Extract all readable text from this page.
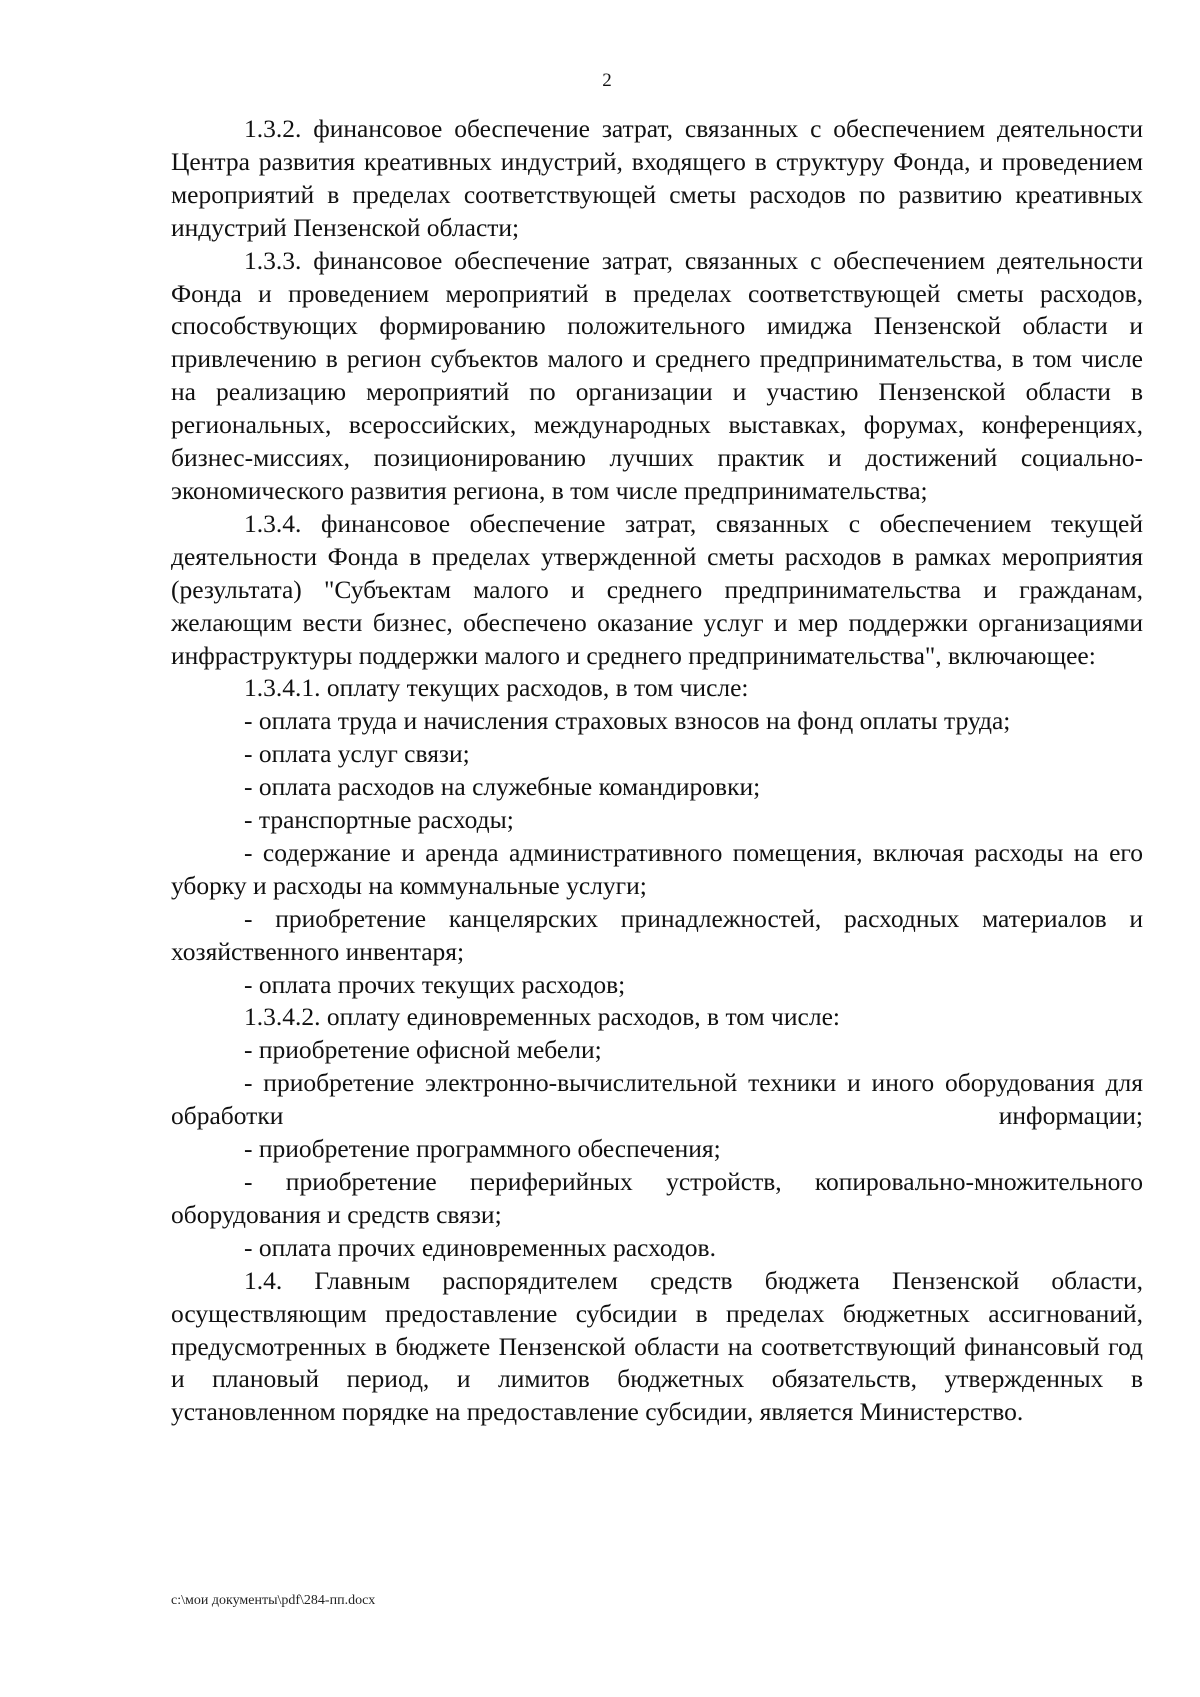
2

1.3.2. финансовое обеспечение затрат, связанных с обеспечением деятельности Центра развития креативных индустрий, входящего в структуру Фонда, и проведением мероприятий в пределах соответствующей сметы расходов по развитию креативных индустрий Пензенской области;

1.3.3. финансовое обеспечение затрат, связанных с обеспечением деятельности Фонда и проведением мероприятий в пределах соответствующей сметы расходов, способствующих формированию положительного имиджа Пензенской области и привлечению в регион субъектов малого и среднего предпринимательства, в том числе на реализацию мероприятий по организации и участию Пензенской области в региональных, всероссийских, международных выставках, форумах, конференциях, бизнес-миссиях, позиционированию лучших практик и достижений социально-экономического развития региона, в том числе предпринимательства;

1.3.4. финансовое обеспечение затрат, связанных с обеспечением текущей деятельности Фонда в пределах утвержденной сметы расходов в рамках мероприятия (результата) "Субъектам малого и среднего предпринимательства и гражданам, желающим вести бизнес, обеспечено оказание услуг и мер поддержки организациями инфраструктуры поддержки малого и среднего предпринимательства", включающее:

1.3.4.1. оплату текущих расходов, в том числе:

- оплата труда и начисления страховых взносов на фонд оплаты труда;

- оплата услуг связи;

- оплата расходов на служебные командировки;

- транспортные расходы;

- содержание и аренда административного помещения, включая расходы на его уборку и расходы на коммунальные услуги;

- приобретение канцелярских принадлежностей, расходных материалов и хозяйственного инвентаря;

- оплата прочих текущих расходов;

1.3.4.2. оплату единовременных расходов, в том числе:

- приобретение офисной мебели;

- приобретение электронно-вычислительной техники и иного оборудования для обработки информации;

- приобретение программного обеспечения;

- приобретение периферийных устройств, копировально-множительного оборудования и средств связи;

- оплата прочих единовременных расходов.

1.4. Главным распорядителем средств бюджета Пензенской области, осуществляющим предоставление субсидии в пределах бюджетных ассигнований, предусмотренных в бюджете Пензенской области на соответствующий финансовый год и плановый период, и лимитов бюджетных обязательств, утвержденных в установленном порядке на предоставление субсидии, является Министерство.

c:\мои документы\pdf\284-пп.docx
